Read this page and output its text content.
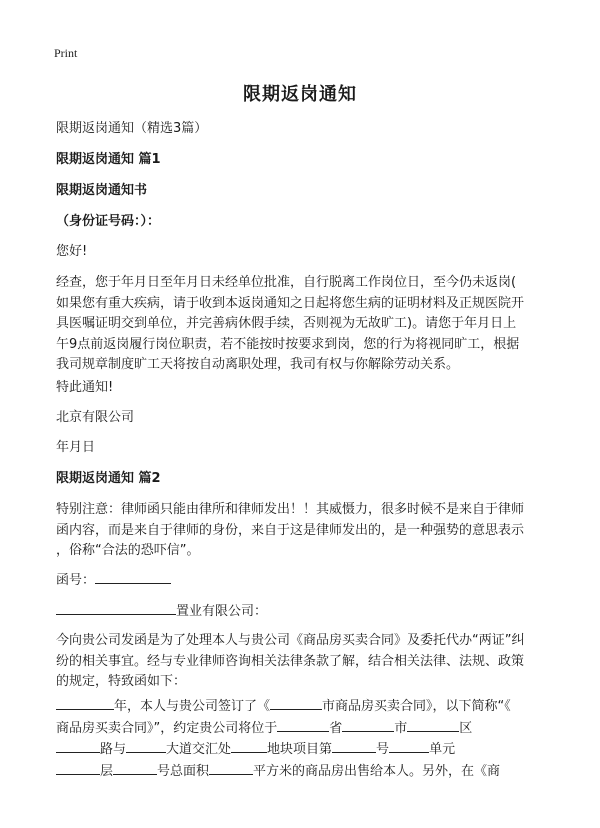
Print
限期返岗通知
限期返岗通知（精选3篇）
限期返岗通知 篇1
限期返岗通知书
（身份证号码：）：
您好!
经查，您于年月日至年月日未经单位批准，自行脱离工作岗位日，至今仍未返岗(
如果您有重大疾病，请于收到本返岗通知之日起将您生病的证明材料及正规医院开
具医嘱证明交到单位，并完善病休假手续，否则视为无故旷工)。请您于年月日上
午9点前返岗履行岗位职责，若不能按时按要求到岗，您的行为将视同旷工，根据
我司规章制度旷工天将按自动离职处理，我司有权与你解除劳动关系。
特此通知!
北京有限公司
年月日
限期返岗通知 篇2
特别注意：律师函只能由律所和律师发出！！其威慑力，很多时候不是来自于律师
函内容，而是来自于律师的身份，来自于这是律师发出的，是一种强势的意思表示
，俗称“合法的恐吓信”。
函号：
置业有限公司：
今向贵公司发函是为了处理本人与贵公司《商品房买卖合同》及委托代办“两证”纠
纷的相关事宜。经与专业律师咨询相关法律条款了解，结合相关法律、法规、政策
的规定，特致函如下：
年，本人与贵公司签订了《	市商品房买卖合同》，以下简称“《
商品房买卖合同》”，约定贵公司将位于	省	市	区
路与	大道交汇处	地块项目第	号	单元
层	号总面积	平方米的商品房出售给本人。另外，在《商
